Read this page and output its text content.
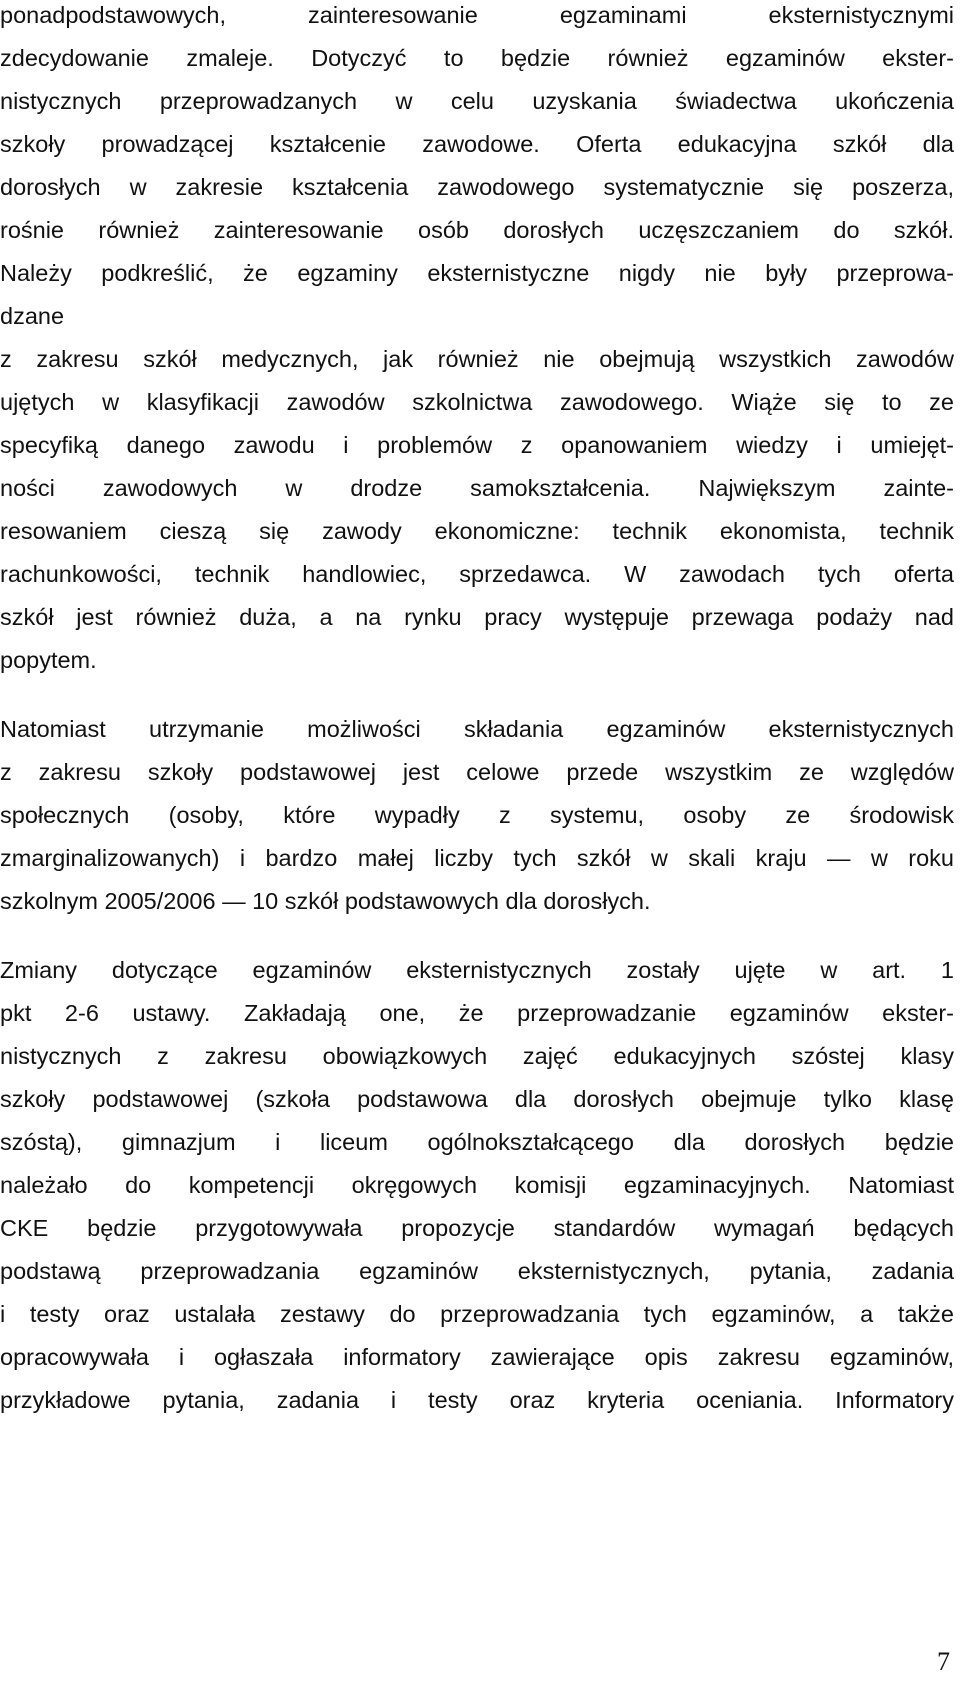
ponadpodstawowych, zainteresowanie egzaminami eksternistycznymi

zdecydowanie zmaleje. Dotyczyć to będzie również egzaminów ekster-

nistycznych przeprowadzanych w celu uzyskania świadectwa ukończenia

szkoły prowadzącej kształcenie zawodowe. Oferta edukacyjna szkół dla

dorosłych w zakresie kształcenia zawodowego systematycznie się poszerza,

rośnie również zainteresowanie osób dorosłych uczęszczaniem do szkół.

Należy podkreślić, że egzaminy eksternistyczne nigdy nie były przeprowa-

dzane

z zakresu szkół medycznych, jak również nie obejmują wszystkich zawodów

ujętych w klasyfikacji zawodów szkolnictwa zawodowego. Wiąże się to ze

specyfiką danego zawodu i problemów z opanowaniem wiedzy i umiejęt-

ności zawodowych w drodze samokształcenia. Największym zainte-

resowaniem cieszą się zawody ekonomiczne: technik ekonomista, technik

rachunkowości, technik handlowiec, sprzedawca. W zawodach tych oferta

szkół jest również duża, a na rynku pracy występuje przewaga podaży nad

popytem.

Natomiast utrzymanie możliwości składania egzaminów eksternistycznych

z zakresu szkoły podstawowej jest celowe przede wszystkim ze względów

społecznych (osoby, które wypadły z systemu, osoby ze środowisk

zmarginalizowanych) i bardzo małej liczby tych szkół w skali kraju — w roku

szkolnym 2005/2006 — 10 szkół podstawowych dla dorosłych.

Zmiany dotyczące egzaminów eksternistycznych zostały ujęte w art. 1

pkt 2-6 ustawy. Zakładają one, że przeprowadzanie egzaminów ekster-

nistycznych z zakresu obowiązkowych zajęć edukacyjnych szóstej klasy

szkoły podstawowej (szkoła podstawowa dla dorosłych obejmuje tylko klasę

szóstą), gimnazjum i liceum ogólnokształcącego dla dorosłych będzie

należało do kompetencji okręgowych komisji egzaminacyjnych. Natomiast

CKE będzie przygotowywała propozycje standardów wymagań będących

podstawą przeprowadzania egzaminów eksternistycznych, pytania, zadania

i testy oraz ustalała zestawy do przeprowadzania tych egzaminów, a także

opracowywała i ogłaszała informatory zawierające opis zakresu egzaminów,

przykładowe pytania, zadania i testy oraz kryteria oceniania. Informatory

7
